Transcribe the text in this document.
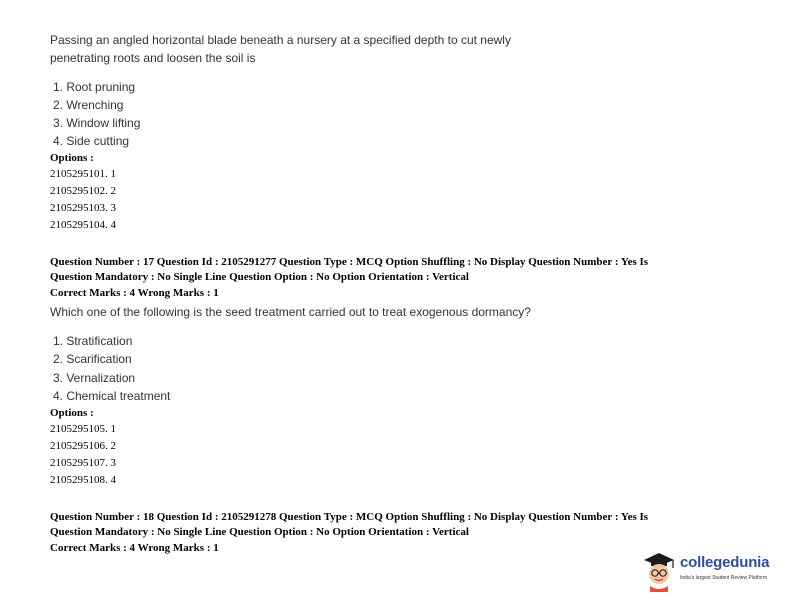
Passing an angled horizontal blade beneath a nursery at a specified depth to cut newly
penetrating roots and loosen the soil is
1. Root pruning
2. Wrenching
3. Window lifting
4. Side cutting
Options :
2105295101. 1
2105295102. 2
2105295103. 3
2105295104. 4
Question Number : 17 Question Id : 2105291277 Question Type : MCQ Option Shuffling : No Display Question Number : Yes Is
Question Mandatory : No Single Line Question Option : No Option Orientation : Vertical
Correct Marks : 4 Wrong Marks : 1
Which one of the following is the seed treatment carried out to treat exogenous dormancy?
1. Stratification
2. Scarification
3. Vernalization
4. Chemical treatment
Options :
2105295105. 1
2105295106. 2
2105295107. 3
2105295108. 4
Question Number : 18 Question Id : 2105291278 Question Type : MCQ Option Shuffling : No Display Question Number : Yes Is
Question Mandatory : No Single Line Question Option : No Option Orientation : Vertical
Correct Marks : 4 Wrong Marks : 1
collegedunia
India's largest Student Review Platform
